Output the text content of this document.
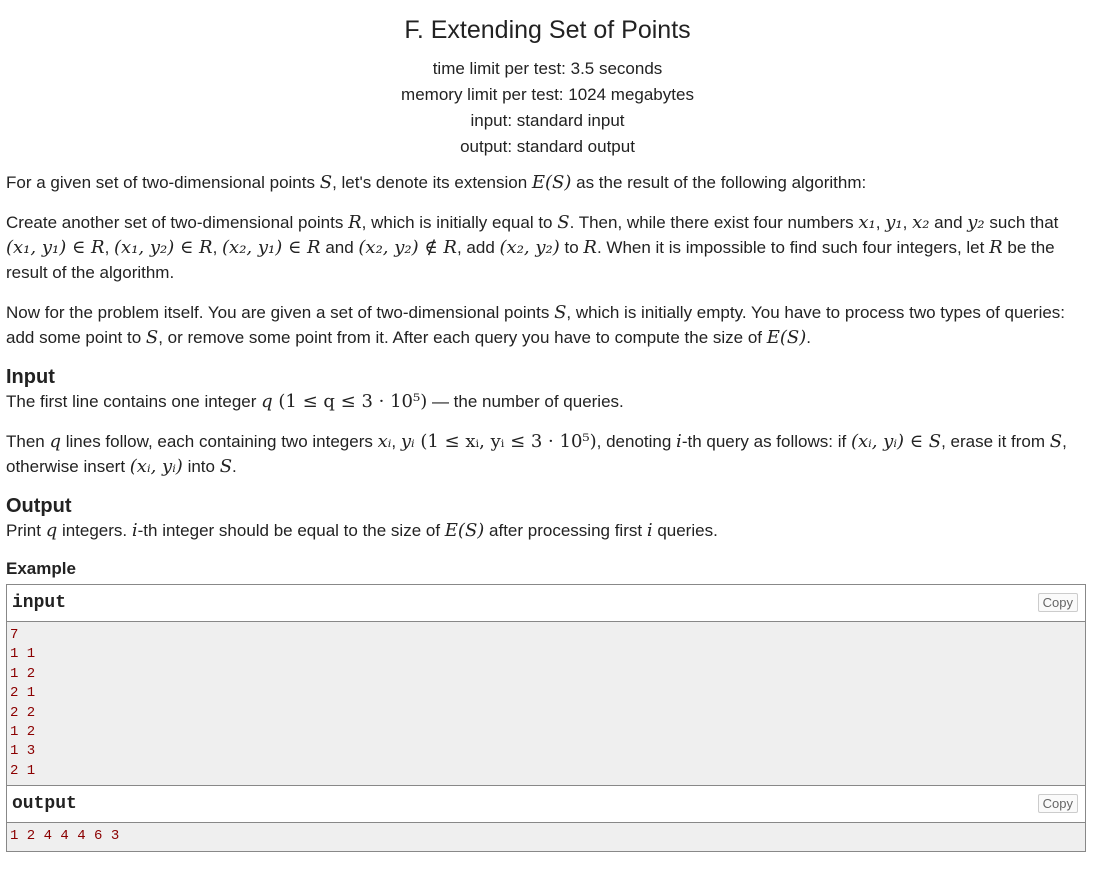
F. Extending Set of Points
time limit per test: 3.5 seconds
memory limit per test: 1024 megabytes
input: standard input
output: standard output

For a given set of two-dimensional points S, let's denote its extension E(S) as the result of the following algorithm:

Create another set of two-dimensional points R, which is initially equal to S. Then, while there exist four numbers x₁, y₁, x₂ and y₂ such that (x₁, y₁) ∈ R, (x₁, y₂) ∈ R, (x₂, y₁) ∈ R and (x₂, y₂) ∉ R, add (x₂, y₂) to R. When it is impossible to find such four integers, let R be the result of the algorithm.

Now for the problem itself. You are given a set of two-dimensional points S, which is initially empty. You have to process two types of queries: add some point to S, or remove some point from it. After each query you have to compute the size of E(S).

Input

The first line contains one integer q (1 ≤ q ≤ 3 · 10⁵) — the number of queries.

Then q lines follow, each containing two integers xᵢ, yᵢ (1 ≤ xᵢ, yᵢ ≤ 3 · 10⁵), denoting i-th query as follows: if (xᵢ, yᵢ) ∈ S, erase it from S, otherwise insert (xᵢ, yᵢ) into S.

Output

Print q integers. i-th integer should be equal to the size of E(S) after processing first i queries.

Example
input	Copy
7
1 1
1 2
2 1
2 2
1 2
1 3
2 1
output	Copy
1 2 4 4 4 6 3
